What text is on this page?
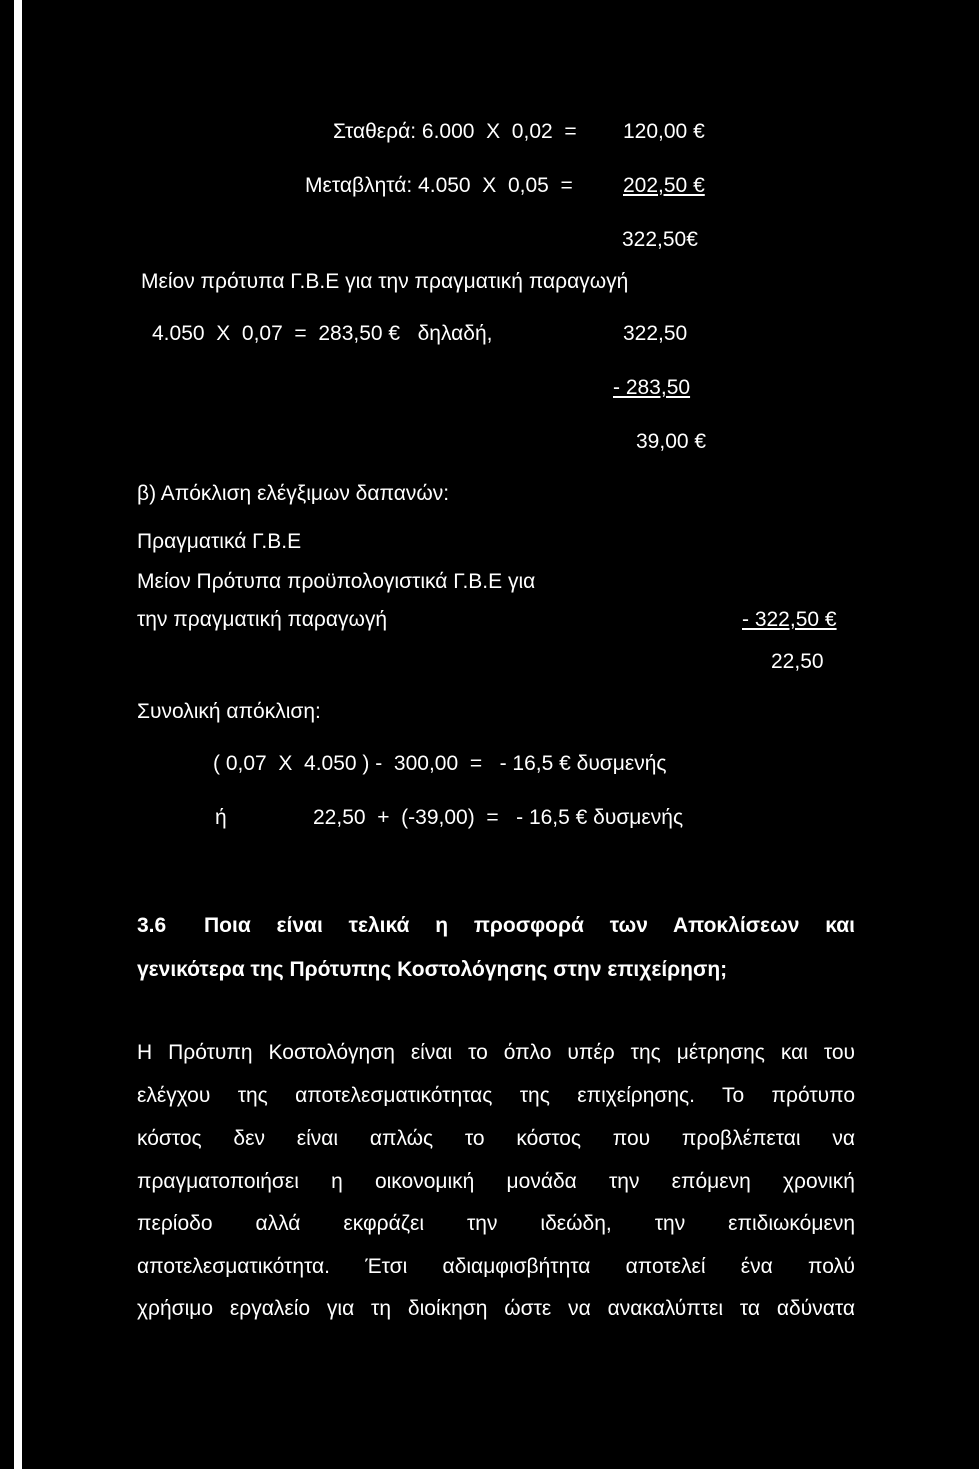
Σταθερά: 6.000  Χ  0,02  = 120,00 €
Μεταβλητά: 4.050  Χ  0,05  = 202,50 €
322,50€
Μείον πρότυπα Γ.Β.Ε για την πραγματική παραγωγή
4.050  Χ  0,07  =  283,50 €   δηλαδή,	322,50
- 283,50
39,00 €
β) Απόκλιση ελέγξιμων δαπανών:
Πραγματικά Γ.Β.Ε
Μείον Πρότυπα προϋπολογιστικά Γ.Β.Ε για
την πραγματική παραγωγή	- 322,50 €
22,50
Συνολική απόκλιση:
( 0,07  Χ  4.050 ) -  300,00  =   - 16,5 € δυσμενής
ή	22,50  +  (-39,00)  =   - 16,5 € δυσμενής
3.6 Ποια είναι τελικά η προσφορά των Αποκλίσεων και
γενικότερα της Πρότυπης Κοστολόγησης στην επιχείρηση;
Η Πρότυπη Κοστολόγηση είναι το όπλο υπέρ της μέτρησης και του
ελέγχου της αποτελεσματικότητας της επιχείρησης. Το πρότυπο
κόστος δεν είναι απλώς το κόστος που προβλέπεται να
πραγματοποιήσει η οικονομική μονάδα την επόμενη χρονική
περίοδο αλλά εκφράζει την ιδεώδη, την επιδιωκόμενη
αποτελεσματικότητα. Έτσι αδιαμφισβήτητα αποτελεί ένα πολύ
χρήσιμο εργαλείο για τη διοίκηση ώστε να ανακαλύπτει τα αδύνατα
